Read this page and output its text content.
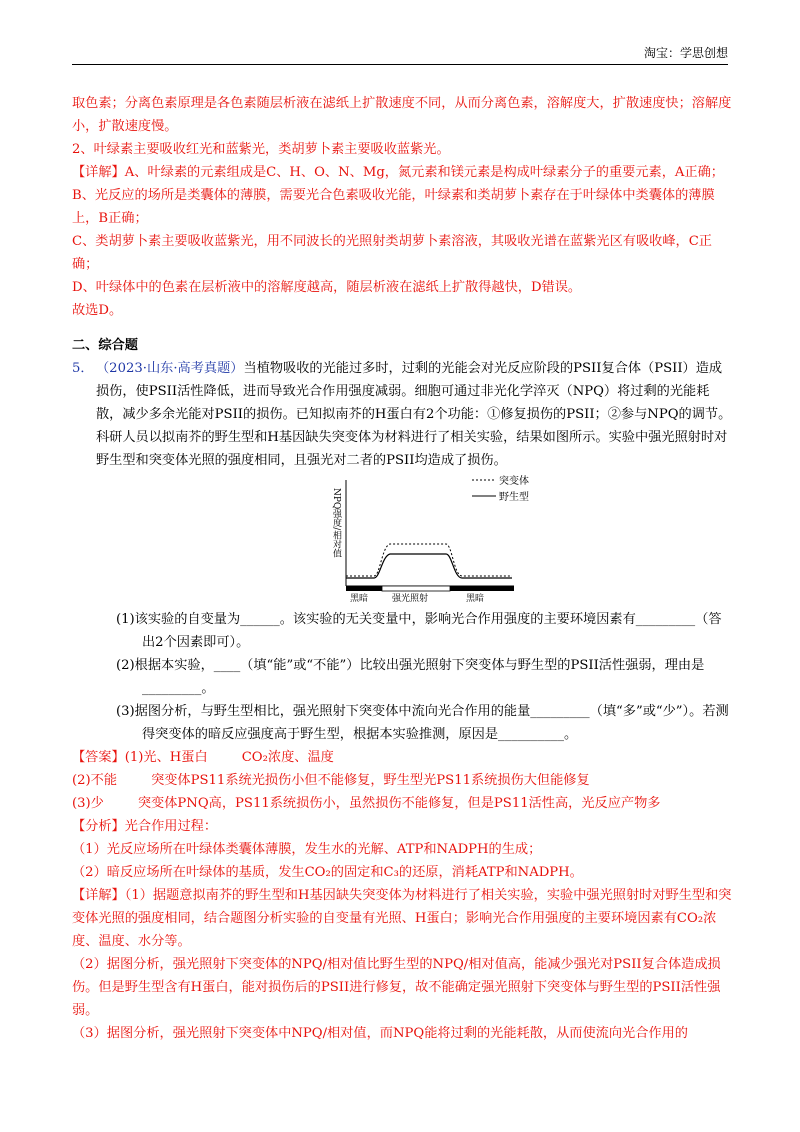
淘宝：学思创想

取色素；分离色素原理是各色素随层析液在滤纸上扩散速度不同，从而分离色素，溶解度大，扩散速度快；溶解度小，扩散速度慢。

2、叶绿素主要吸收红光和蓝紫光，类胡萝卜素主要吸收蓝紫光。

【详解】A、叶绿素的元素组成是C、H、O、N、Mg，氮元素和镁元素是构成叶绿素分子的重要元素，A正确；

B、光反应的场所是类囊体的薄膜，需要光合色素吸收光能，叶绿素和类胡萝卜素存在于叶绿体中类囊体的薄膜上，B正确；

C、类胡萝卜素主要吸收蓝紫光，用不同波长的光照射类胡萝卜素溶液，其吸收光谱在蓝紫光区有吸收峰，C正确；

D、叶绿体中的色素在层析液中的溶解度越高，随层析液在滤纸上扩散得越快，D错误。

故选D。

二、综合题

5． （2023·山东·高考真题）当植物吸收的光能过多时，过剩的光能会对光反应阶段的PSII复合体（PSII）造成损伤，使PSII活性降低，进而导致光合作用强度减弱。细胞可通过非光化学淬灭（NPQ）将过剩的光能耗散，减少多余光能对PSII的损伤。已知拟南芥的H蛋白有2个功能：①修复损伤的PSII；②参与NPQ的调节。科研人员以拟南芥的野生型和H基因缺失突变体为材料进行了相关实验，结果如图所示。实验中强光照射时对野生型和突变体光照的强度相同，且强光对二者的PSII均造成了损伤。

NPQ强度/相对值
突变体
野生型
黑暗	强光照射	黑暗

(1)该实验的自变量为______。该实验的无关变量中，影响光合作用强度的主要环境因素有_________（答出2个因素即可）。

(2)根据本实验，____（填“能”或“不能”）比较出强光照射下突变体与野生型的PSII活性强弱，理由是_________。

(3)据图分析，与野生型相比，强光照射下突变体中流向光合作用的能量_________（填“多”或“少”）。若测得突变体的暗反应强度高于野生型，根据本实验推测，原因是__________。

【答案】(1)光、H蛋白	CO₂浓度、温度

(2)不能	突变体PS11系统光损伤小但不能修复，野生型光PS11系统损伤大但能修复

(3)少	突变体PNQ高，PS11系统损伤小，虽然损伤不能修复，但是PS11活性高，光反应产物多

【分析】光合作用过程：

（1）光反应场所在叶绿体类囊体薄膜，发生水的光解、ATP和NADPH的生成；

（2）暗反应场所在叶绿体的基质，发生CO₂的固定和C₃的还原，消耗ATP和NADPH。

【详解】（1）据题意拟南芥的野生型和H基因缺失突变体为材料进行了相关实验，实验中强光照射时对野生型和突变体光照的强度相同，结合题图分析实验的自变量有光照、H蛋白；影响光合作用强度的主要环境因素有CO₂浓度、温度、水分等。

（2）据图分析，强光照射下突变体的NPQ/相对值比野生型的NPQ/相对值高，能减少强光对PSII复合体造成损伤。但是野生型含有H蛋白，能对损伤后的PSII进行修复，故不能确定强光照射下突变体与野生型的PSII活性强弱。

（3）据图分析，强光照射下突变体中NPQ/相对值，而NPQ能将过剩的光能耗散，从而使流向光合作用的
